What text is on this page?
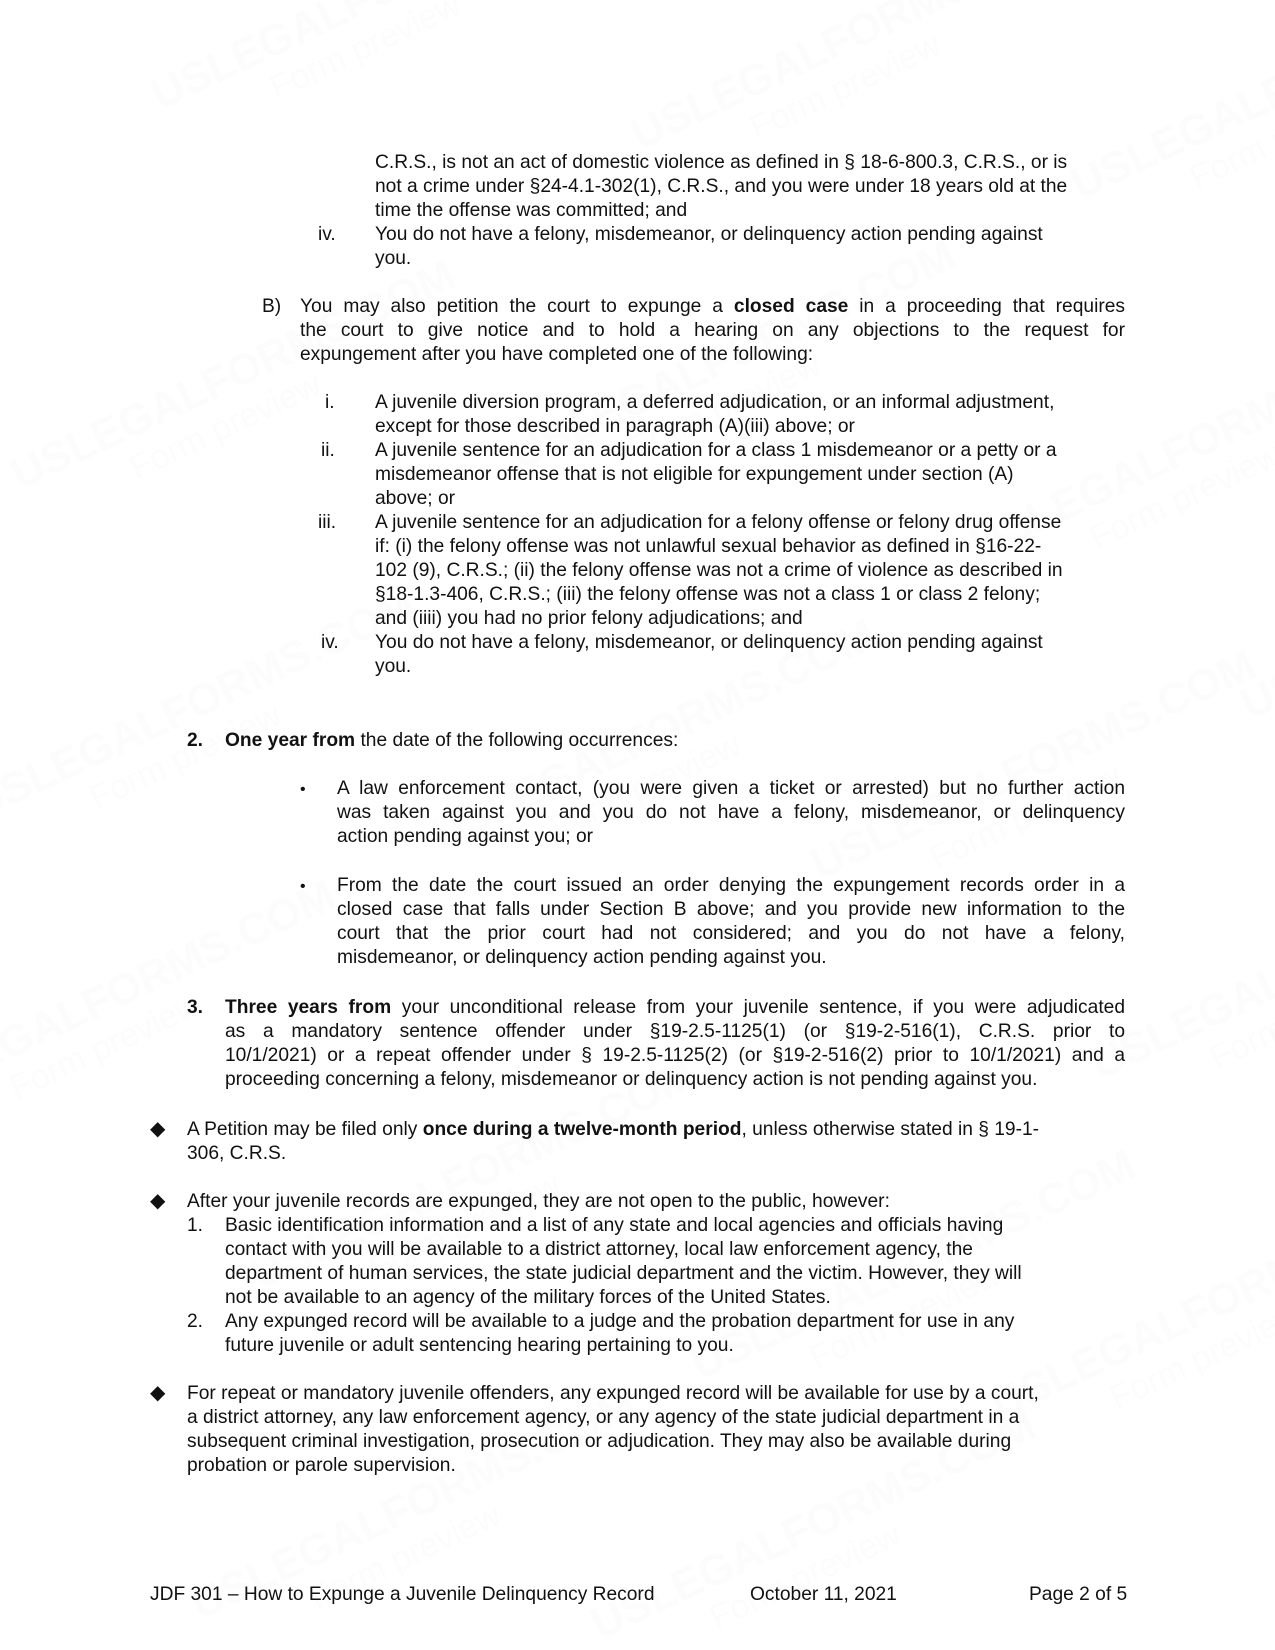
C.R.S., is not an act of domestic violence as defined in § 18-6-800.3, C.R.S., or is
not a crime under §24-4.1-302(1), C.R.S., and you were under 18 years old at the
time the offense was committed; and
iv. You do not have a felony, misdemeanor, or delinquency action pending against
you.
B) You may also petition the court to expunge a closed case in a proceeding that requires
the court to give notice and to hold a hearing on any objections to the request for
expungement after you have completed one of the following:
i. A juvenile diversion program, a deferred adjudication, or an informal adjustment,
except for those described in paragraph (A)(iii) above; or
ii. A juvenile sentence for an adjudication for a class 1 misdemeanor or a petty or a
misdemeanor offense that is not eligible for expungement under section (A)
above; or
iii. A juvenile sentence for an adjudication for a felony offense or felony drug offense
if: (i) the felony offense was not unlawful sexual behavior as defined in §16-22-
102 (9), C.R.S.; (ii) the felony offense was not a crime of violence as described in
§18-1.3-406, C.R.S.; (iii) the felony offense was not a class 1 or class 2 felony;
and (iiii) you had no prior felony adjudications; and
iv. You do not have a felony, misdemeanor, or delinquency action pending against
you.
2. One year from the date of the following occurrences:
• A law enforcement contact, (you were given a ticket or arrested) but no further action
was taken against you and you do not have a felony, misdemeanor, or delinquency
action pending against you; or
• From the date the court issued an order denying the expungement records order in a
closed case that falls under Section B above; and you provide new information to the
court that the prior court had not considered; and you do not have a felony,
misdemeanor, or delinquency action pending against you.
3. Three years from your unconditional release from your juvenile sentence, if you were adjudicated
as a mandatory sentence offender under §19-2.5-1125(1) (or §19-2-516(1), C.R.S. prior to
10/1/2021) or a repeat offender under § 19-2.5-1125(2) (or §19-2-516(2) prior to 10/1/2021) and a
proceeding concerning a felony, misdemeanor or delinquency action is not pending against you.
◆ A Petition may be filed only once during a twelve-month period, unless otherwise stated in § 19-1-
306, C.R.S.
◆ After your juvenile records are expunged, they are not open to the public, however:
1. Basic identification information and a list of any state and local agencies and officials having
contact with you will be available to a district attorney, local law enforcement agency, the
department of human services, the state judicial department and the victim. However, they will
not be available to an agency of the military forces of the United States.
2. Any expunged record will be available to a judge and the probation department for use in any
future juvenile or adult sentencing hearing pertaining to you.
◆ For repeat or mandatory juvenile offenders, any expunged record will be available for use by a court,
a district attorney, any law enforcement agency, or any agency of the state judicial department in a
subsequent criminal investigation, prosecution or adjudication. They may also be available during
probation or parole supervision.
JDF 301 – How to Expunge a Juvenile Delinquency Record	October 11, 2021	Page 2 of 5
